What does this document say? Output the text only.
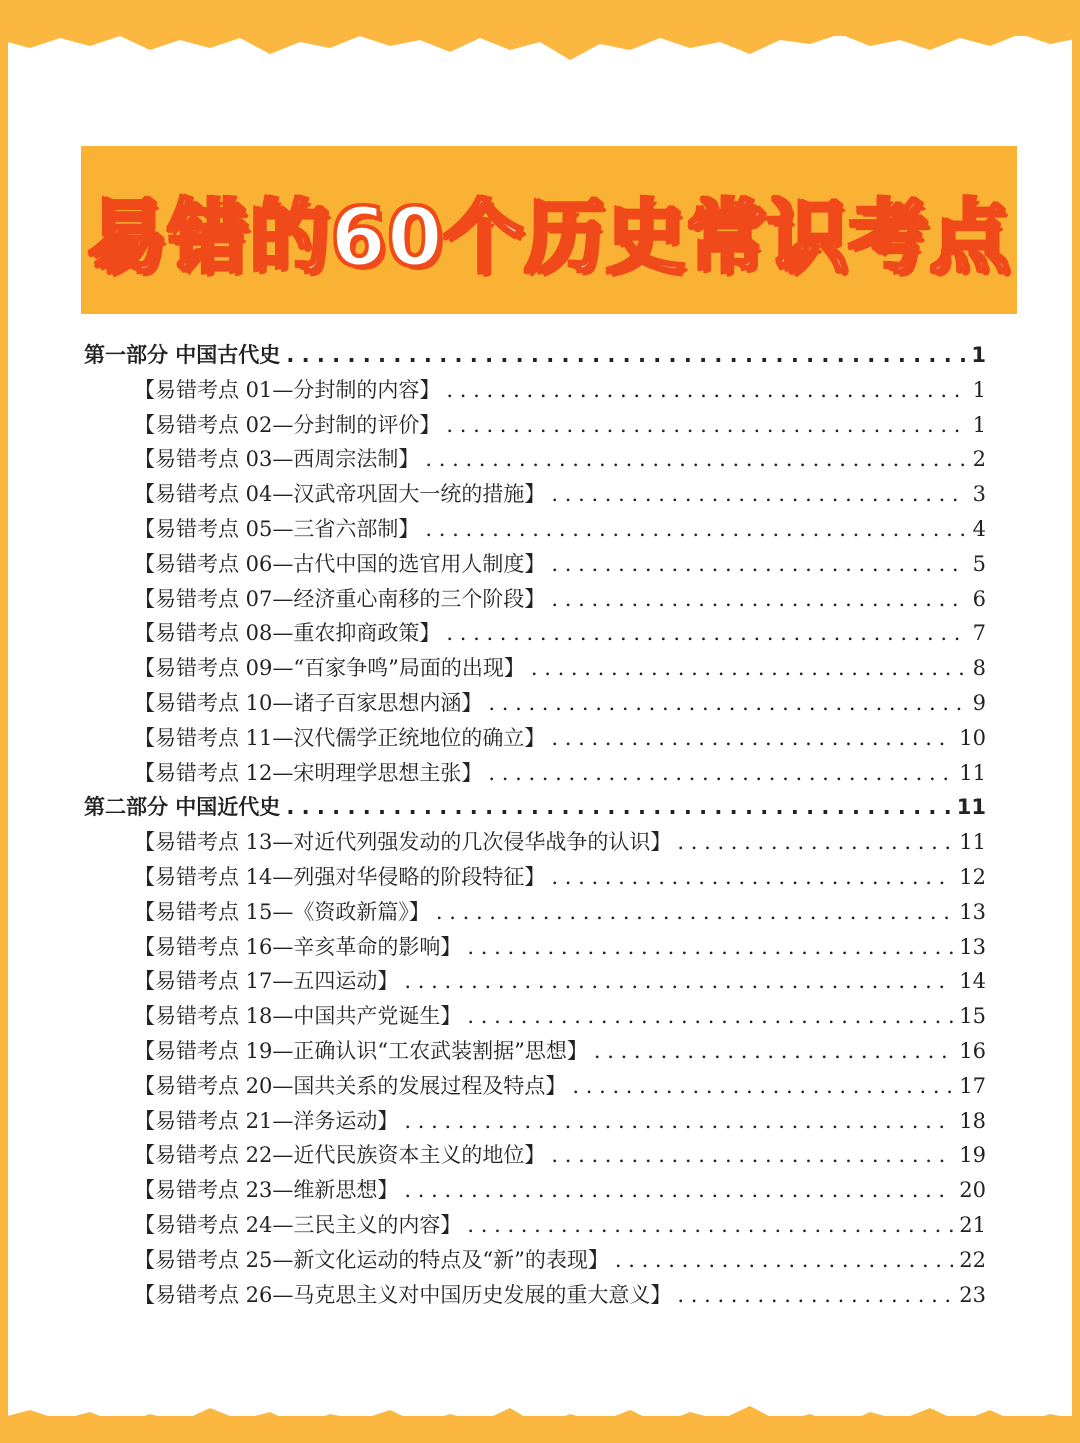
易错的60个历史常识考点
第一部分 中国古代史 . . .	1
【易错考点 01—分封制的内容】 . . .	1
【易错考点 02—分封制的评价】 . . .	1
【易错考点 03—西周宗法制】 . . .	2
【易错考点 04—汉武帝巩固大一统的措施】 . . .	3
【易错考点 05—三省六部制】 . . .	4
【易错考点 06—古代中国的选官用人制度】 . . .	5
【易错考点 07—经济重心南移的三个阶段】 . . .	6
【易错考点 08—重农抑商政策】 . . .	7
【易错考点 09—“百家争鸣”局面的出现】 . . .	8
【易错考点 10—诸子百家思想内涵】 . . .	9
【易错考点 11—汉代儒学正统地位的确立】 . . .	10
【易错考点 12—宋明理学思想主张】 . . .	11
第二部分 中国近代史 . . .	11
【易错考点 13—对近代列强发动的几次侵华战争的认识】 . . .	11
【易错考点 14—列强对华侵略的阶段特征】 . . .	12
【易错考点 15—《资政新篇》】 . . .	13
【易错考点 16—辛亥革命的影响】 . . .	13
【易错考点 17—五四运动】 . . .	14
【易错考点 18—中国共产党诞生】 . . .	15
【易错考点 19—正确认识“工农武装割据”思想】 . . .	16
【易错考点 20—国共关系的发展过程及特点】 . . .	17
【易错考点 21—洋务运动】 . . .	18
【易错考点 22—近代民族资本主义的地位】 . . .	19
【易错考点 23—维新思想】 . . .	20
【易错考点 24—三民主义的内容】 . . .	21
【易错考点 25—新文化运动的特点及“新”的表现】 . . .	22
【易错考点 26—马克思主义对中国历史发展的重大意义】 . . .	23
